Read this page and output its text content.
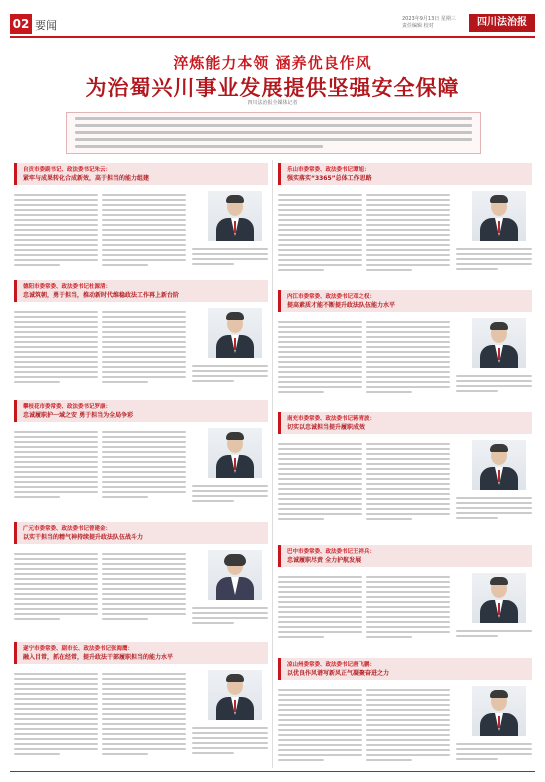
02 要闻	2023年9月13日 星期三
责任编辑 校对	四川法治报
淬炼能力本领 涵养优良作风
为治蜀兴川事业发展提供坚强安全保障
四川法治报全媒体记者
自贡市委副书记、政法委书记朱云：
紧牢与成果转化合成新效，高于担当的能力组建
德阳市委常委、政法委书记杜源清：
忠诚筑朝，勇于担当，推动新时代维稳政法工作再上新台阶
攀枝花市委常委、政法委书记罗康：
忠诚履职护一域之安 勇于担当为全局争彩
广元市委常委、政法委书记曾建金：
以实干担当的精气神持续提升政法队伍战斗力
遂宁市委常委、副市长、政法委书记张海鹰：
融入目常，抓在经常，提升政法干部履职担当的能力水平
乐山市委常委、政法委书记谭旭：
强实落实“3365”总体工作思路
内江市委常委、政法委书记邓之权：
提高素质才能不断提升政法队伍能力水平
南充市委常委、政法委书记蒋青波：
切实以忠诚担当提升履职成效
巴中市委常委、政法委书记王祥兵：
忠诚履职尽责 全力护航发展
凉山州委常委、政法委书记唐飞鹏：
以优良作风谱写新风正气凝聚奋进之力
